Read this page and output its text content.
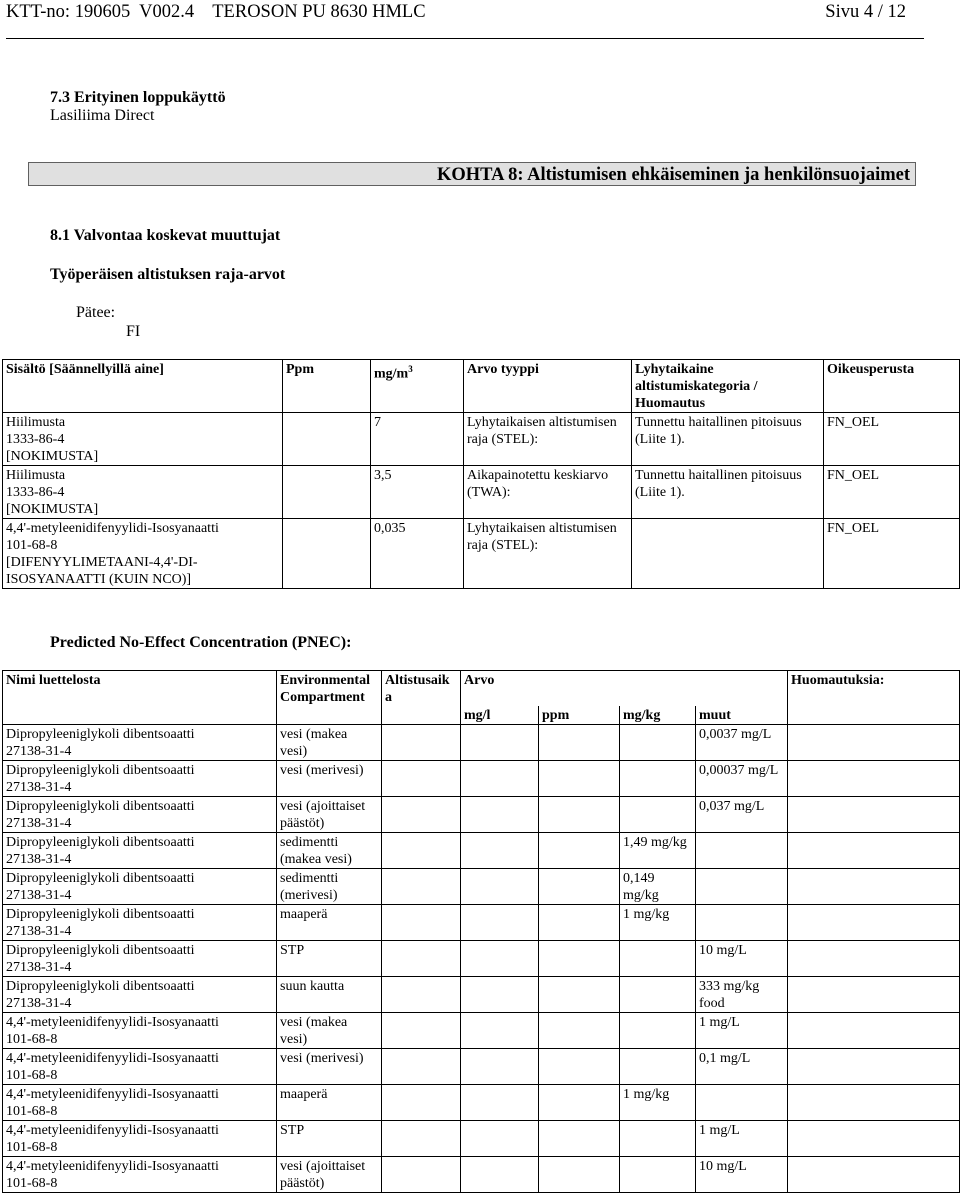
KTT-no: 190605  V002.4    TEROSON PU 8630 HMLC	Sivu 4 / 12
7.3 Erityinen loppukäyttö
Lasiliima Direct
KOHTA 8: Altistumisen ehkäiseminen ja henkilönsuojaimet
8.1 Valvontaa koskevat muuttujat
Työperäisen altistuksen raja-arvot
Pätee:
FI
Sisältö [Säännellyillä aine]	Ppm	$mg/m^3$	Arvo tyyppi	Lyhytaikaine altistumiskategoria / Huomautus	Oikeusperusta
Hiilimusta
1333-86-4
[NOKIMUSTA]		7	Lyhytaikaisen altistumisen raja (STEL):	Tunnettu haitallinen pitoisuus (Liite 1).	FN_OEL
Hiilimusta
1333-86-4
[NOKIMUSTA]		3,5	Aikapainotettu keskiarvo (TWA):	Tunnettu haitallinen pitoisuus (Liite 1).	FN_OEL
4,4'-metyleenidifenyylidi-Isosyanaatti
101-68-8
[DIFENYYLIMETAANI-4,4'-DI-
ISOSYANAATTI (KUIN NCO)]		0,035	Lyhytaikaisen altistumisen raja (STEL):		FN_OEL
Predicted No-Effect Concentration (PNEC):
Nimi luettelosta	Environmental Compartment	Altistusaik a	Arvo				Huomautuksia:
			mg/l	ppm	mg/kg	muut	
Dipropyleeniglykoli dibentsoaatti
27138-31-4	vesi (makea
vesi)					0,0037 mg/L	
Dipropyleeniglykoli dibentsoaatti
27138-31-4	vesi (merivesi)					0,00037 mg/L	
Dipropyleeniglykoli dibentsoaatti
27138-31-4	vesi (ajoittaiset
päästöt)					0,037 mg/L	
Dipropyleeniglykoli dibentsoaatti
27138-31-4	sedimentti
(makea vesi)				1,49 mg/kg		
Dipropyleeniglykoli dibentsoaatti
27138-31-4	sedimentti
(merivesi)				0,149
mg/kg		
Dipropyleeniglykoli dibentsoaatti
27138-31-4	maaperä				1 mg/kg		
Dipropyleeniglykoli dibentsoaatti
27138-31-4	STP					10 mg/L	
Dipropyleeniglykoli dibentsoaatti
27138-31-4	suun kautta					333 mg/kg
food	
4,4'-metyleenidifenyylidi-Isosyanaatti
101-68-8	vesi (makea
vesi)					1 mg/L	
4,4'-metyleenidifenyylidi-Isosyanaatti
101-68-8	vesi (merivesi)					0,1 mg/L	
4,4'-metyleenidifenyylidi-Isosyanaatti
101-68-8	maaperä				1 mg/kg		
4,4'-metyleenidifenyylidi-Isosyanaatti
101-68-8	STP					1 mg/L	
4,4'-metyleenidifenyylidi-Isosyanaatti
101-68-8	vesi (ajoittaiset
päästöt)					10 mg/L	
